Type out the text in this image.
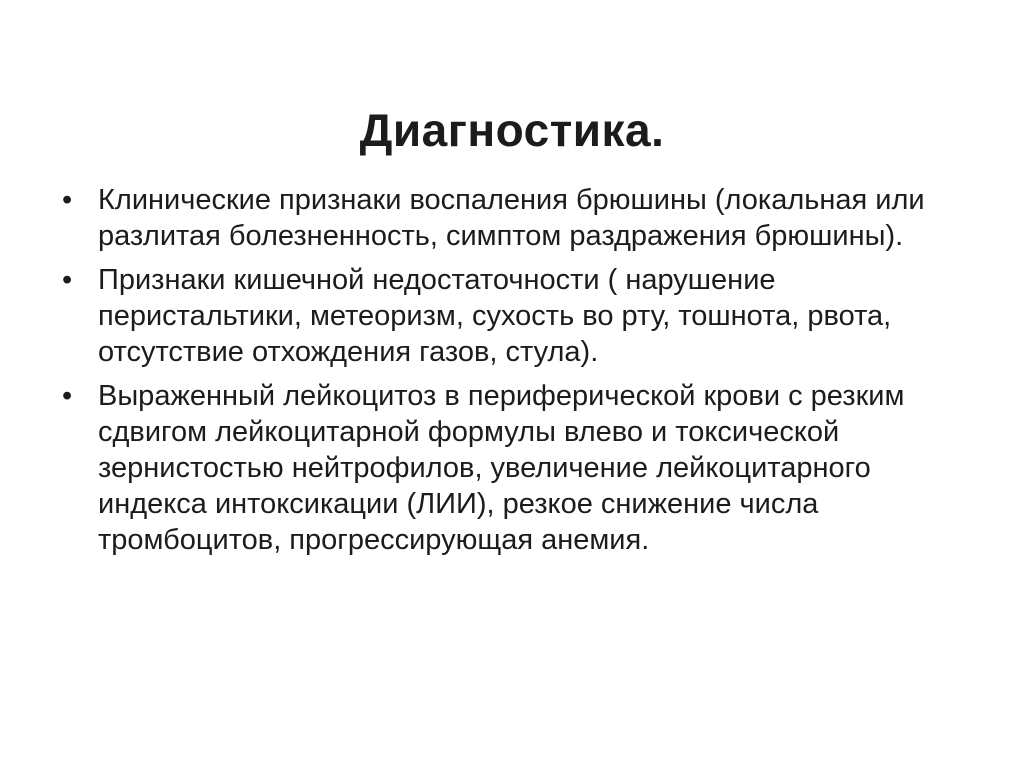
Диагностика.
• Клинические признаки воспаления брюшины (локальная или разлитая болезненность, симптом раздражения брюшины).
• Признаки кишечной недостаточности ( нарушение перистальтики, метеоризм, сухость во рту, тошнота, рвота, отсутствие отхождения газов, стула).
• Выраженный лейкоцитоз в периферической крови с резким сдвигом лейкоцитарной формулы влево и токсической зернистостью нейтрофилов, увеличение лейкоцитарного индекса интоксикации (ЛИИ), резкое снижение числа тромбоцитов, прогрессирующая анемия.
